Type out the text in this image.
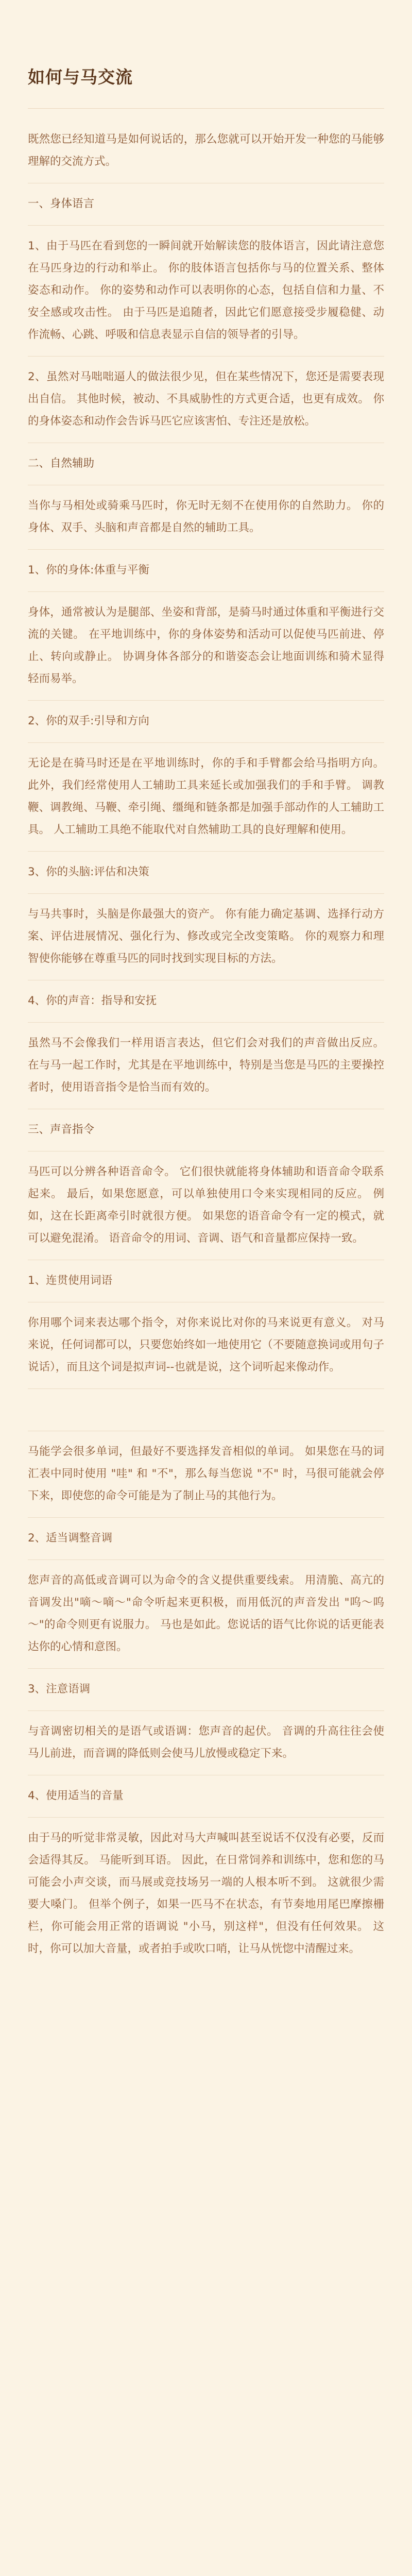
如何与马交流

既然您已经知道马是如何说话的，那么您就可以开始开发一种您的马能够理解的交流方式。

一、身体语言

1、由于马匹在看到您的一瞬间就开始解读您的肢体语言，因此请注意您在马匹身边的行动和举止。 你的肢体语言包括你与马的位置关系、整体姿态和动作。 你的姿势和动作可以表明你的心态，包括自信和力量、不安全感或攻击性。 由于马匹是追随者，因此它们愿意接受步履稳健、动作流畅、心跳、呼吸和信息表显示自信的领导者的引导。

2、虽然对马咄咄逼人的做法很少见，但在某些情况下，您还是需要表现出自信。 其他时候，被动、不具威胁性的方式更合适，也更有成效。 你的身体姿态和动作会告诉马匹它应该害怕、专注还是放松。

二、自然辅助

当你与马相处或骑乘马匹时，你无时无刻不在使用你的自然助力。 你的身体、双手、头脑和声音都是自然的辅助工具。

1、你的身体:体重与平衡

身体，通常被认为是腿部、坐姿和背部，是骑马时通过体重和平衡进行交流的关键。 在平地训练中，你的身体姿势和活动可以促使马匹前进、停止、转向或静止。 协调身体各部分的和谐姿态会让地面训练和骑术显得轻而易举。

2、你的双手:引导和方向

无论是在骑马时还是在平地训练时，你的手和手臂都会给马指明方向。 此外，我们经常使用人工辅助工具来延长或加强我们的手和手臂。 调教鞭、调教绳、马鞭、牵引绳、缰绳和链条都是加强手部动作的人工辅助工具。 人工辅助工具绝不能取代对自然辅助工具的良好理解和使用。

3、你的头脑:评估和决策

与马共事时，头脑是你最强大的资产。 你有能力确定基调、选择行动方案、评估进展情况、强化行为、修改或完全改变策略。 你的观察力和理智使你能够在尊重马匹的同时找到实现目标的方法。

4、你的声音：指导和安抚

虽然马不会像我们一样用语言表达，但它们会对我们的声音做出反应。 在与马一起工作时，尤其是在平地训练中，特别是当您是马匹的主要操控者时，使用语音指令是恰当而有效的。

三、声音指令

马匹可以分辨各种语音命令。 它们很快就能将身体辅助和语音命令联系起来。 最后，如果您愿意，可以单独使用口令来实现相同的反应。 例如，这在长距离牵引时就很方便。 如果您的语音命令有一定的模式，就可以避免混淆。 语音命令的用词、音调、语气和音量都应保持一致。

1、连贯使用词语

你用哪个词来表达哪个指令，对你来说比对你的马来说更有意义。 对马来说，任何词都可以，只要您始终如一地使用它（不要随意换词或用句子说话），而且这个词是拟声词--也就是说，这个词听起来像动作。

马能学会很多单词，但最好不要选择发音相似的单词。 如果您在马的词汇表中同时使用 "哇" 和 "不"，那么每当您说 "不" 时，马很可能就会停下来，即使您的命令可能是为了制止马的其他行为。

2、适当调整音调

您声音的高低或音调可以为命令的含义提供重要线索。 用清脆、高亢的音调发出"嘀～嘀～"命令听起来更积极，而用低沉的声音发出 "呜～呜～"的命令则更有说服力。 马也是如此。您说话的语气比你说的话更能表达你的心情和意图。

3、注意语调

与音调密切相关的是语气或语调：您声音的起伏。 音调的升高往往会使马儿前进，而音调的降低则会使马儿放慢或稳定下来。

4、使用适当的音量

由于马的听觉非常灵敏，因此对马大声喊叫甚至说话不仅没有必要，反而会适得其反。 马能听到耳语。 因此，在日常饲养和训练中，您和您的马可能会小声交谈，而马展或竞技场另一端的人根本听不到。 这就很少需要大嗓门。 但举个例子，如果一匹马不在状态，有节奏地用尾巴摩擦栅栏，你可能会用正常的语调说 "小马，别这样"，但没有任何效果。 这时，你可以加大音量，或者拍手或吹口哨，让马从恍惚中清醒过来。
